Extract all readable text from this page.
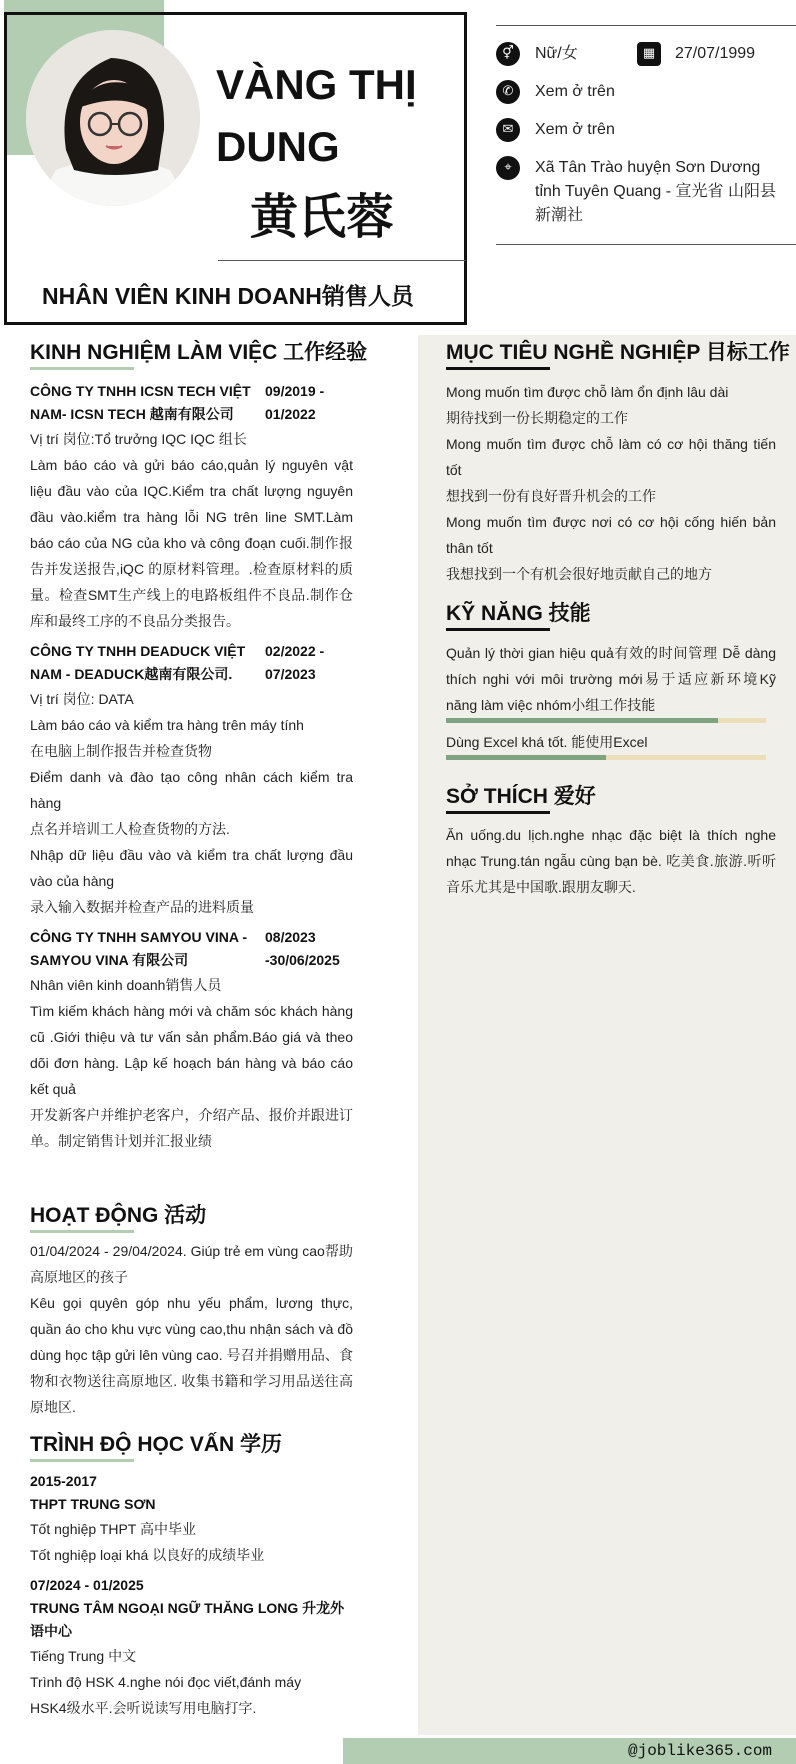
VÀNG THỊ DUNG
黄氏蓉
NHÂN VIÊN KINH DOANH销售人员
⚥	Nữ/女	▦	27/07/1999
✆	Xem ở trên
✉	Xem ở trên
⌖	Xã Tân Trào huyện Sơn Dương tỉnh Tuyên Quang - 宣光省 山阳县 新潮社
KINH NGHIỆM LÀM VIỆC 工作经验
CÔNG TY TNHH ICSN TECH VIỆT NAM- ICSN TECH 越南有限公司
09/2019 - 01/2022

Vị trí 岗位:Tổ trưởng IQC IQC 组长

Làm báo cáo và gửi báo cáo,quản lý nguyên vật liệu đầu vào của IQC.Kiểm tra chất lượng nguyên đầu vào.kiểm tra hàng lỗi NG trên line SMT.Làm báo cáo của NG của kho và công đoạn cuối.制作报告并发送报告,iQC 的原材料管理。.检查原材料的质量。检查SMT生产线上的电路板组件不良品.制作仓库和最终工序的不良品分类报告。

CÔNG TY TNHH DEADUCK VIỆT NAM - DEADUCK越南有限公司.
02/2022 - 07/2023

Vị trí 岗位: DATA

Làm báo cáo và kiểm tra hàng trên máy tính

在电脑上制作报告并检查货物

Điểm danh và đào tạo công nhân cách kiểm tra hàng

点名并培训工人检查货物的方法.

Nhập dữ liệu đầu vào và kiểm tra chất lượng đầu vào của hàng

录入输入数据并检查产品的进料质量

CÔNG TY TNHH SAMYOU VINA - SAMYOU VINA 有限公司
08/2023 -30/06/2025

Nhân viên kinh doanh销售人员

Tìm kiếm khách hàng mới và chăm sóc khách hàng cũ .Giới thiệu và tư vấn sản phẩm.Báo giá và theo dõi đơn hàng. Lập kế hoạch bán hàng và báo cáo kết quả

开发新客户并维护老客户，介绍产品、报价并跟进订单。制定销售计划并汇报业绩

HOẠT ĐỘNG 活动

01/04/2024 - 29/04/2024. Giúp trẻ em vùng cao帮助高原地区的孩子

Kêu gọi quyên góp nhu yếu phẩm, lương thực, quần áo cho khu vực vùng cao,thu nhận sách và đồ dùng học tập gửi lên vùng cao. 号召并捐赠用品、食物和衣物送往高原地区. 收集书籍和学习用品送往高原地区.

TRÌNH ĐỘ HỌC VẤN 学历
2015-2017
THPT TRUNG SƠN

Tốt nghiệp THPT 高中毕业

Tốt nghiệp loại khá 以良好的成绩毕业

07/2024 - 01/2025
TRUNG TÂM NGOẠI NGỮ THĂNG LONG 升龙外语中心

Tiếng Trung 中文

Trình độ HSK 4.nghe nói đọc viết,đánh máy

HSK4级水平.会听说读写用电脑打字.

MỤC TIÊU NGHỀ NGHIỆP 目标工作

Mong muốn tìm được chỗ làm ổn định lâu dài

期待找到一份长期稳定的工作

Mong muốn tìm được chỗ làm có cơ hội thăng tiến tốt

想找到一份有良好晋升机会的工作

Mong muốn tìm được nơi có cơ hội cống hiến bản thân tốt

我想找到一个有机会很好地贡献自己的地方

KỸ NĂNG 技能

Quản lý thời gian hiệu quả有效的时间管理 Dễ dàng thích nghi với môi trường mới易于适应新环境Kỹ năng làm việc nhóm小组工作技能

Dùng Excel khá tốt. 能使用Excel

SỞ THÍCH 爱好

Ăn uống.du lịch.nghe nhạc đặc biệt là thích nghe nhạc Trung.tán ngẫu cùng bạn bè. 吃美食.旅游.听听音乐尤其是中国歌.跟朋友聊天.

@joblike365.com
